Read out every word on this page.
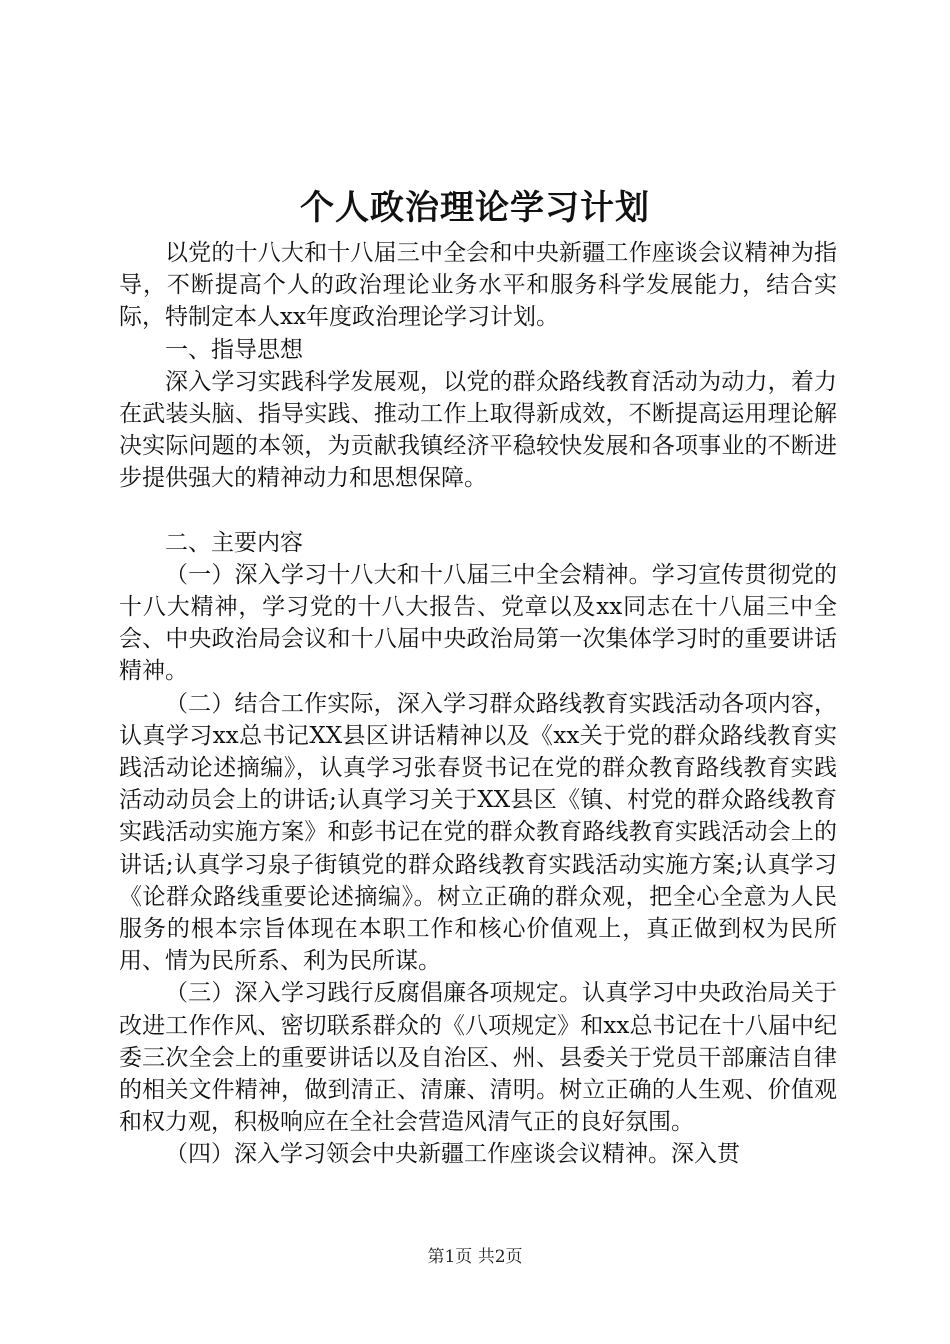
个人政治理论学习计划

以党的十八大和十八届三中全会和中央新疆工作座谈会议精神为指导，不断提高个人的政治理论业务水平和服务科学发展能力，结合实际，特制定本人xx年度政治理论学习计划。

一、指导思想

深入学习实践科学发展观，以党的群众路线教育活动为动力，着力在武装头脑、指导实践、推动工作上取得新成效，不断提高运用理论解决实际问题的本领，为贡献我镇经济平稳较快发展和各项事业的不断进步提供强大的精神动力和思想保障。

二、主要内容

（一）深入学习十八大和十八届三中全会精神。学习宣传贯彻党的十八大精神，学习党的十八大报告、党章以及xx同志在十八届三中全会、中央政治局会议和十八届中央政治局第一次集体学习时的重要讲话精神。

（二）结合工作实际，深入学习群众路线教育实践活动各项内容，认真学习xx总书记XX县区讲话精神以及《xx关于党的群众路线教育实践活动论述摘编》，认真学习张春贤书记在党的群众教育路线教育实践活动动员会上的讲话;认真学习关于XX县区《镇、村党的群众路线教育实践活动实施方案》和彭书记在党的群众教育路线教育实践活动会上的讲话;认真学习泉子街镇党的群众路线教育实践活动实施方案;认真学习《论群众路线重要论述摘编》。树立正确的群众观，把全心全意为人民服务的根本宗旨体现在本职工作和核心价值观上，真正做到权为民所用、情为民所系、利为民所谋。

（三）深入学习践行反腐倡廉各项规定。认真学习中央政治局关于改进工作作风、密切联系群众的《八项规定》和xx总书记在十八届中纪委三次全会上的重要讲话以及自治区、州、县委关于党员干部廉洁自律的相关文件精神，做到清正、清廉、清明。树立正确的人生观、价值观和权力观，积极响应在全社会营造风清气正的良好氛围。

（四）深入学习领会中央新疆工作座谈会议精神。深入贯

第1页 共2页
